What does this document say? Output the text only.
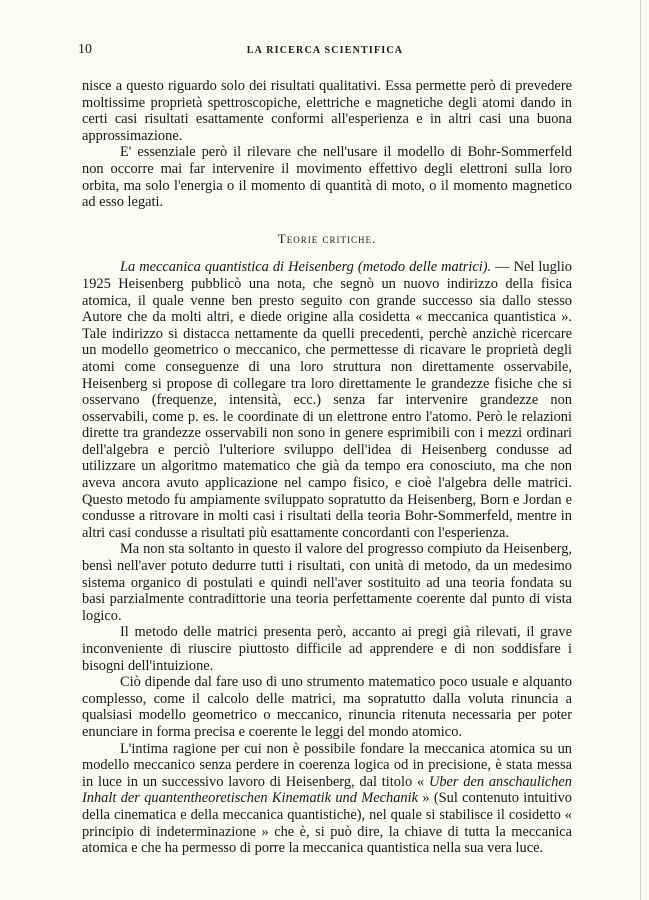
10	LA RICERCA SCIENTIFICA

nisce a questo riguardo solo dei risultati qualitativi. Essa permette però di prevedere moltissime proprietà spettroscopiche, elettriche e magnetiche degli atomi dando in certi casi risultati esattamente conformi all'esperienza e in altri casi una buona approssimazione.

E' essenziale però il rilevare che nell'usare il modello di Bohr-Sommerfeld non occorre mai far intervenire il movimento effettivo degli elettroni sulla loro orbita, ma solo l'energia o il momento di quantità di moto, o il momento magnetico ad esso legati.

Teorie critiche.

La meccanica quantistica di Heisenberg (metodo delle matrici). — Nel luglio 1925 Heisenberg pubblicò una nota, che segnò un nuovo indirizzo della fisica atomica, il quale venne ben presto seguito con grande successo sia dallo stesso Autore che da molti altri, e diede origine alla cosidetta « meccanica quantistica ». Tale indirizzo si distacca nettamente da quelli precedenti, perchè anzichè ricercare un modello geometrico o meccanico, che permettesse di ricavare le proprietà degli atomi come conseguenze di una loro struttura non direttamente osservabile, Heisenberg si propose di collegare tra loro direttamente le grandezze fisiche che si osservano (frequenze, intensità, ecc.) senza far intervenire grandezze non osservabili, come p. es. le coordinate di un elettrone entro l'atomo. Però le relazioni dirette tra grandezze osservabili non sono in genere esprimibili con i mezzi ordinari dell'algebra e perciò l'ulteriore sviluppo dell'idea di Heisenberg condusse ad utilizzare un algoritmo matematico che già da tempo era conosciuto, ma che non aveva ancora avuto applicazione nel campo fisico, e cioè l'algebra delle matrici. Questo metodo fu ampiamente sviluppato sopratutto da Heisenberg, Born e Jordan e condusse a ritrovare in molti casi i risultati della teoria Bohr-Sommerfeld, mentre in altri casi condusse a risultati più esattamente concordanti con l'esperienza.

Ma non sta soltanto in questo il valore del progresso compiuto da Heisenberg, bensì nell'aver potuto dedurre tutti i risultati, con unità di metodo, da un medesimo sistema organico di postulati e quindi nell'aver sostituito ad una teoria fondata su basi parzialmente contradittorie una teoria perfettamente coerente dal punto di vista logico.

Il metodo delle matrici presenta però, accanto ai pregi già rilevati, il grave inconveniente di riuscire piuttosto difficile ad apprendere e di non soddisfare i bisogni dell'intuizione.

Ciò dipende dal fare uso di uno strumento matematico poco usuale e alquanto complesso, come il calcolo delle matrici, ma sopratutto dalla voluta rinuncia a qualsiasi modello geometrico o meccanico, rinuncia ritenuta necessaria per poter enunciare in forma precisa e coerente le leggi del mondo atomico.

L'intima ragione per cui non è possibile fondare la meccanica atomica su un modello meccanico senza perdere in coerenza logica od in precisione, è stata messa in luce in un successivo lavoro di Heisenberg, dal titolo « Uber den anschaulichen Inhalt der quantentheoretischen Kinematik und Mechanik » (Sul contenuto intuitivo della cinematica e della meccanica quantistiche), nel quale si stabilisce il cosidetto « principio di indeterminazione » che è, si può dire, la chiave di tutta la meccanica atomica e che ha permesso di porre la meccanica quantistica nella sua vera luce.
